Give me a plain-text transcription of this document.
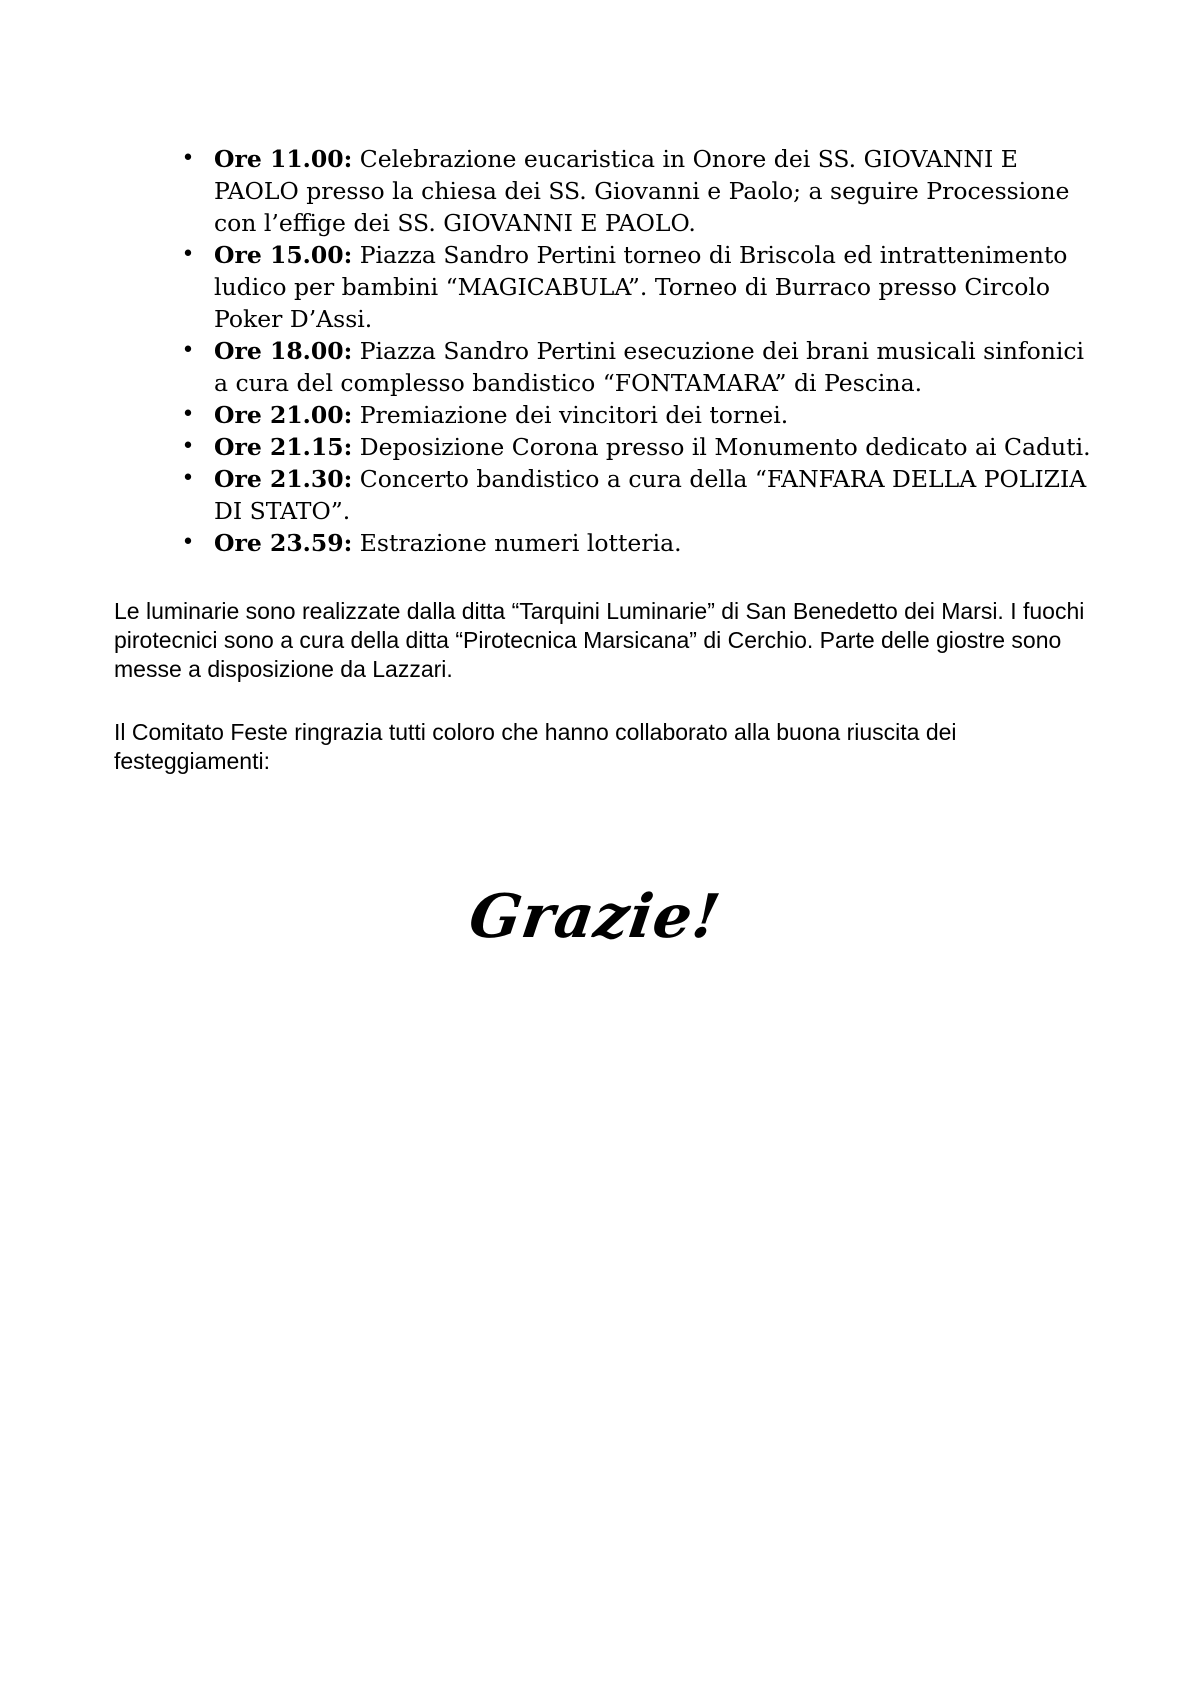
• Ore 11.00: Celebrazione eucaristica in Onore dei SS. GIOVANNI E PAOLO presso la chiesa dei SS. Giovanni e Paolo; a seguire Processione con l’effige dei SS. GIOVANNI E PAOLO.
• Ore 15.00: Piazza Sandro Pertini torneo di Briscola ed intrattenimento ludico per bambini “MAGICABULA”. Torneo di Burraco presso Circolo Poker D’Assi.
• Ore 18.00: Piazza Sandro Pertini esecuzione dei brani musicali sinfonici a cura del complesso bandistico “FONTAMARA” di Pescina.
• Ore 21.00: Premiazione dei vincitori dei tornei.
• Ore 21.15: Deposizione Corona presso il Monumento dedicato ai Caduti.
• Ore 21.30: Concerto bandistico a cura della “FANFARA DELLA POLIZIA DI STATO”.
• Ore 23.59: Estrazione numeri lotteria.

Le luminarie sono realizzate dalla ditta “Tarquini Luminarie” di San Benedetto dei Marsi. I fuochi pirotecnici sono a cura della ditta “Pirotecnica Marsicana” di Cerchio. Parte delle giostre sono messe a disposizione da Lazzari.

Il Comitato Feste ringrazia tutti coloro che hanno collaborato alla buona riuscita dei festeggiamenti:

Grazie!
